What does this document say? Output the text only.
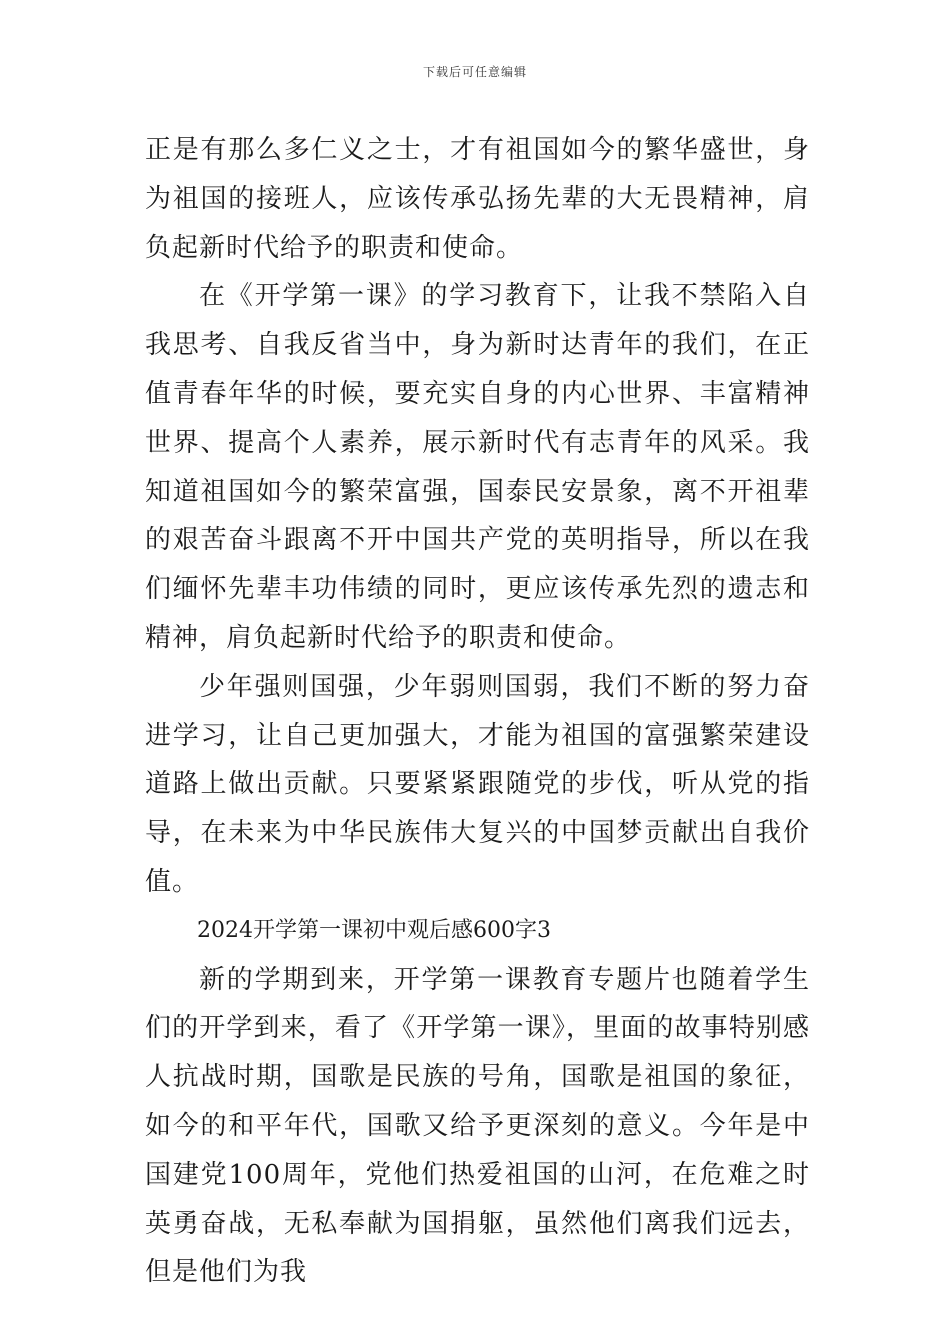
下载后可任意编辑

正是有那么多仁义之士，才有祖国如今的繁华盛世，身为祖国的接班人，应该传承弘扬先辈的大无畏精神，肩负起新时代给予的职责和使命。

在《开学第一课》的学习教育下，让我不禁陷入自我思考、自我反省当中，身为新时达青年的我们，在正值青春年华的时候，要充实自身的内心世界、丰富精神世界、提高个人素养，展示新时代有志青年的风采。我知道祖国如今的繁荣富强，国泰民安景象，离不开祖辈的艰苦奋斗跟离不开中国共产党的英明指导，所以在我们缅怀先辈丰功伟绩的同时，更应该传承先烈的遗志和精神，肩负起新时代给予的职责和使命。

少年强则国强，少年弱则国弱，我们不断的努力奋进学习，让自己更加强大，才能为祖国的富强繁荣建设道路上做出贡献。只要紧紧跟随党的步伐，听从党的指导，在未来为中华民族伟大复兴的中国梦贡献出自我价值。

2024开学第一课初中观后感600字3

新的学期到来，开学第一课教育专题片也随着学生们的开学到来，看了《开学第一课》，里面的故事特别感人抗战时期，国歌是民族的号角，国歌是祖国的象征，如今的和平年代，国歌又给予更深刻的意义。今年是中国建党100周年，党他们热爱祖国的山河，在危难之时英勇奋战，无私奉献为国捐躯，虽然他们离我们远去，但是他们为我
